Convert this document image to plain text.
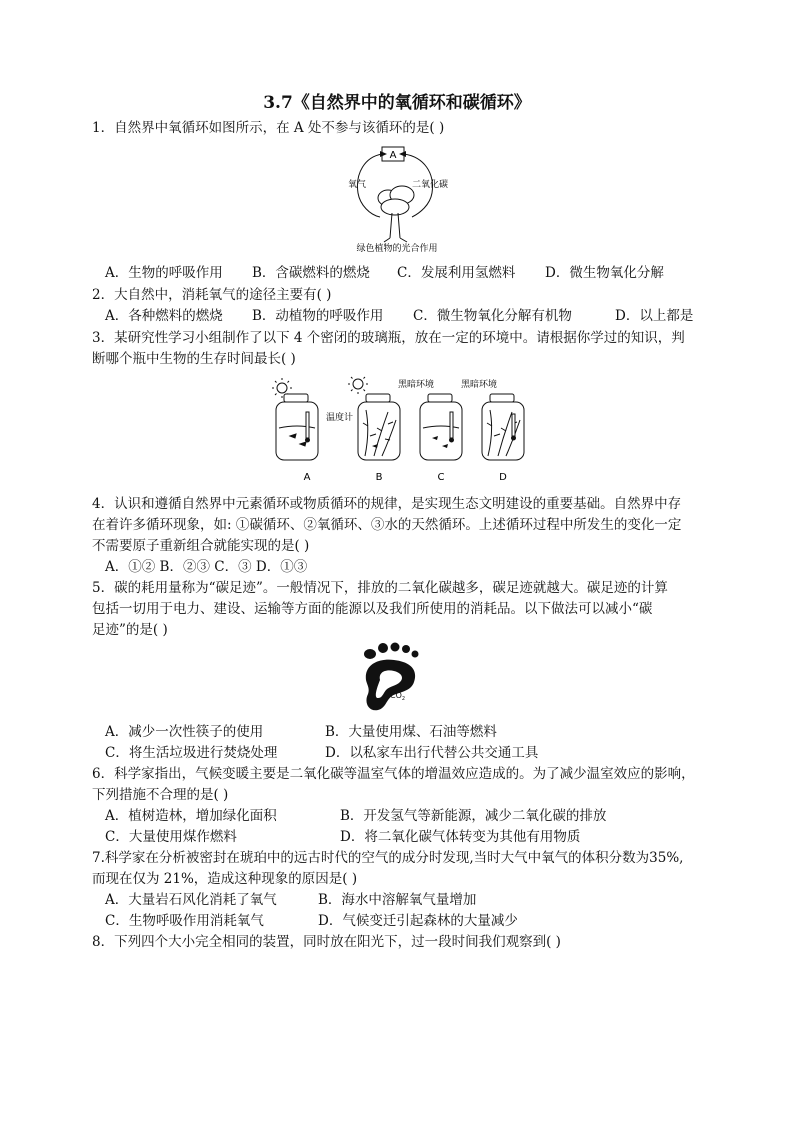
3.7《自然界中的氧循环和碳循环》
1．自然界中氧循环如图所示，在 A 处不参与该循环的是( )
A
氧气	二氧化碳
绿色植物的光合作用
A．生物的呼吸作用 B．含碳燃料的燃烧 C．发展利用氢燃料 D．微生物氧化分解
2．大自然中，消耗氧气的途径主要有( )
A．各种燃料的燃烧 B．动植物的呼吸作用 C．微生物氧化分解有机物	D．以上都是
3．某研究性学习小组制作了以下 4 个密闭的玻璃瓶，放在一定的环境中。请根据你学过的知识，判
断哪个瓶中生物的生存时间最长( )
黑暗环境	黑暗环境
温度计
A	B	C	D
4．认识和遵循自然界中元素循环或物质循环的规律，是实现生态文明建设的重要基础。自然界中存
在着许多循环现象，如: ①碳循环、②氧循环、③水的天然循环。上述循环过程中所发生的变化一定
不需要原子重新组合就能实现的是( )
A．①② B．②③ C．③ D．①③
5．碳的耗用量称为“碳足迹”。一般情况下，排放的二氧化碳越多，碳足迹就越大。碳足迹的计算
包括一切用于电力、建设、运输等方面的能源以及我们所使用的消耗品。以下做法可以减小“碳
足迹”的是( )
$CO_2$
A．减少一次性筷子的使用	B．大量使用煤、石油等燃料
C．将生活垃圾进行焚烧处理	D．以私家车出行代替公共交通工具
6．科学家指出，气候变暖主要是二氧化碳等温室气体的增温效应造成的。为了减少温室效应的影响，
下列措施不合理的是( )
A．植树造林，增加绿化面积	B．开发氢气等新能源，减少二氧化碳的排放
C．大量使用煤作燃料	D．将二氧化碳气体转变为其他有用物质
7.科学家在分析被密封在琥珀中的远古时代的空气的成分时发现,当时大气中氧气的体积分数为35%,
而现在仅为 21%，造成这种现象的原因是( )
A．大量岩石风化消耗了氧气	B．海水中溶解氧气量增加
C．生物呼吸作用消耗氧气	D．气候变迁引起森林的大量减少
8．下列四个大小完全相同的装置，同时放在阳光下，过一段时间我们观察到( )
